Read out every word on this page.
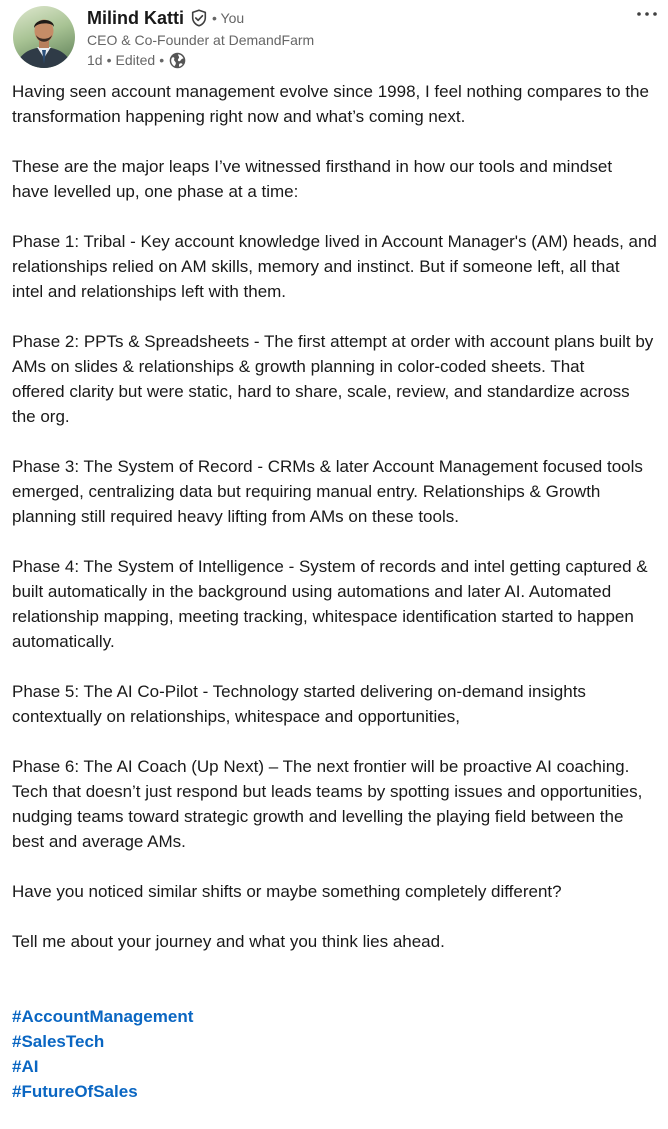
Milind Katti • You
CEO & Co-Founder at DemandFarm
1d • Edited •

Having seen account management evolve since 1998, I feel nothing compares to the
transformation happening right now and what’s coming next.

These are the major leaps I’ve witnessed firsthand in how our tools and mindset
have levelled up, one phase at a time:

Phase 1: Tribal - Key account knowledge lived in Account Manager's (AM) heads, and
relationships relied on AM skills, memory and instinct. But if someone left, all that
intel and relationships left with them.

Phase 2: PPTs & Spreadsheets - The first attempt at order with account plans built by
AMs on slides & relationships & growth planning in color-coded sheets. That
offered clarity but were static, hard to share, scale, review, and standardize across
the org.

Phase 3: The System of Record - CRMs & later Account Management focused tools
emerged, centralizing data but requiring manual entry. Relationships & Growth
planning still required heavy lifting from AMs on these tools.

Phase 4: The System of Intelligence - System of records and intel getting captured &
built automatically in the background using automations and later AI. Automated
relationship mapping, meeting tracking, whitespace identification started to happen
automatically.

Phase 5: The AI Co-Pilot - Technology started delivering on-demand insights
contextually on relationships, whitespace and opportunities,

Phase 6: The AI Coach (Up Next) – The next frontier will be proactive AI coaching.
Tech that doesn’t just respond but leads teams by spotting issues and opportunities,
nudging teams toward strategic growth and levelling the playing field between the
best and average AMs.

Have you noticed similar shifts or maybe something completely different?

Tell me about your journey and what you think lies ahead.

#AccountManagement
#SalesTech
#AI
#FutureOfSales
